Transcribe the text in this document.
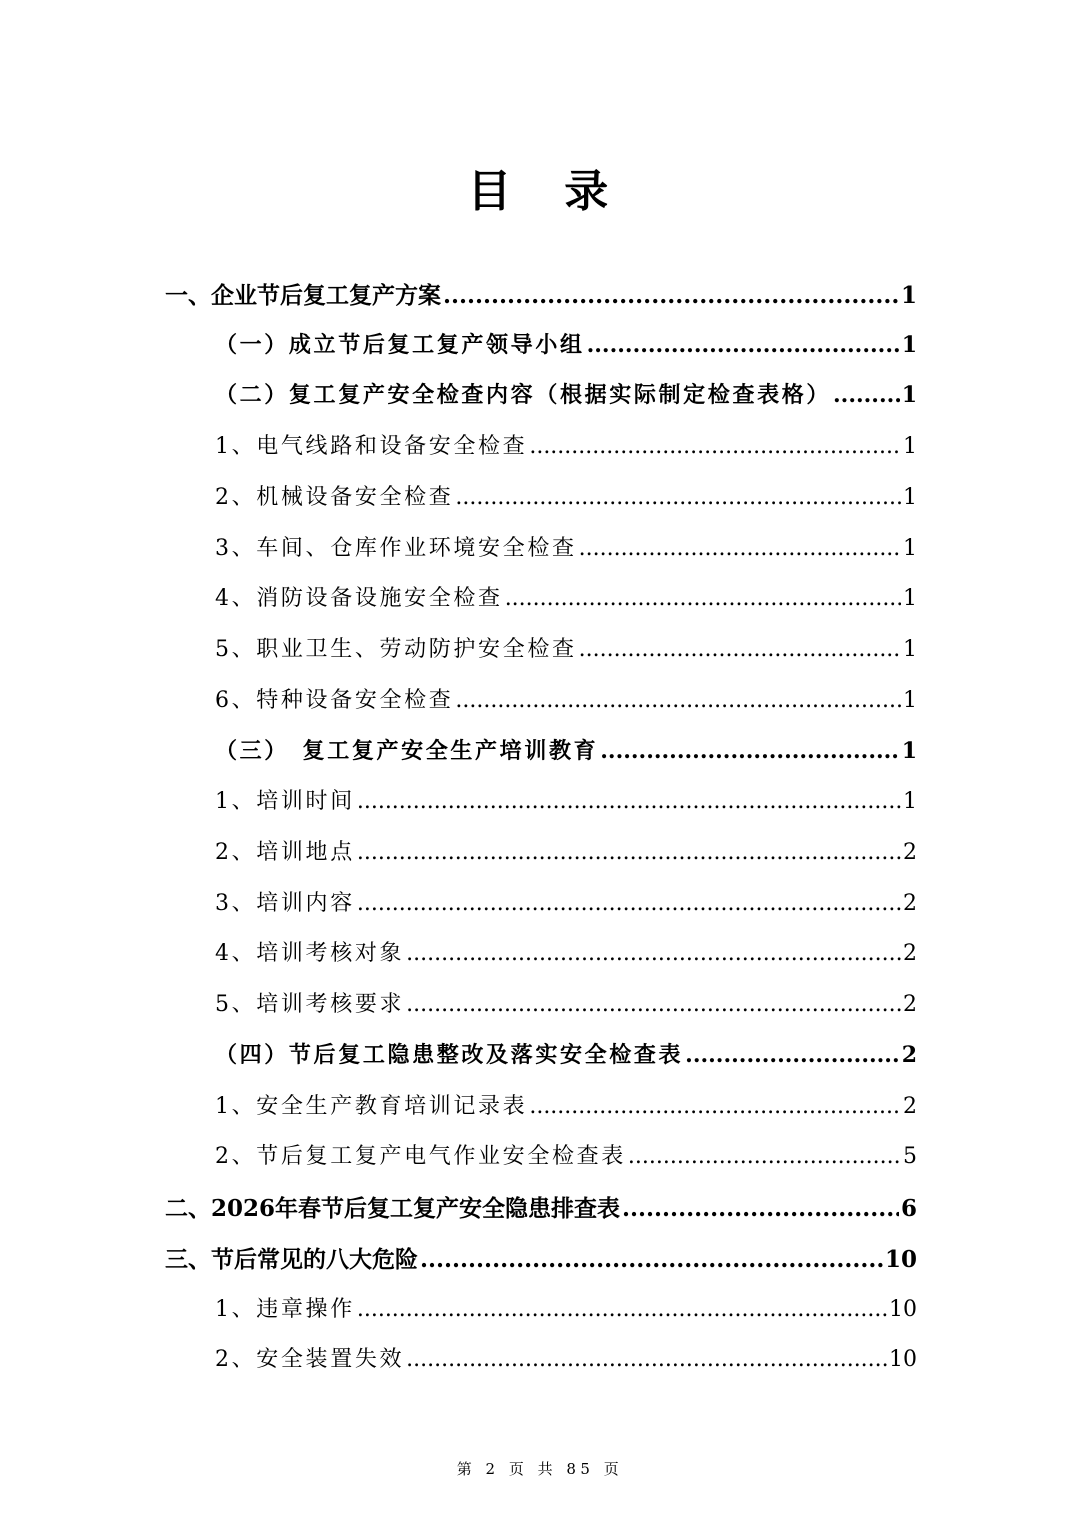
目　录
一、企业节后复工复产方案 .....	1
（一）成立节后复工复产领导小组 .....	1
（二）复工复产安全检查内容（根据实际制定检查表格） .....	1
1、电气线路和设备安全检查 .....	1
2、机械设备安全检查 .....	1
3、车间、仓库作业环境安全检查 .....	1
4、消防设备设施安全检查 .....	1
5、职业卫生、劳动防护安全检查 .....	1
6、特种设备安全检查 .....	1
（三）　复工复产安全生产培训教育 .....	1
1、培训时间 .....	1
2、培训地点 .....	2
3、培训内容 .....	2
4、培训考核对象 .....	2
5、培训考核要求 .....	2
（四）节后复工隐患整改及落实安全检查表 .....	2
1、安全生产教育培训记录表 .....	2
2、节后复工复产电气作业安全检查表 .....	5
二、2026年春节后复工复产安全隐患排查表 .....	6
三、节后常见的八大危险 .....	10
1、违章操作 .....	10
2、安全装置失效 .....	10
第 2 页 共 85 页
